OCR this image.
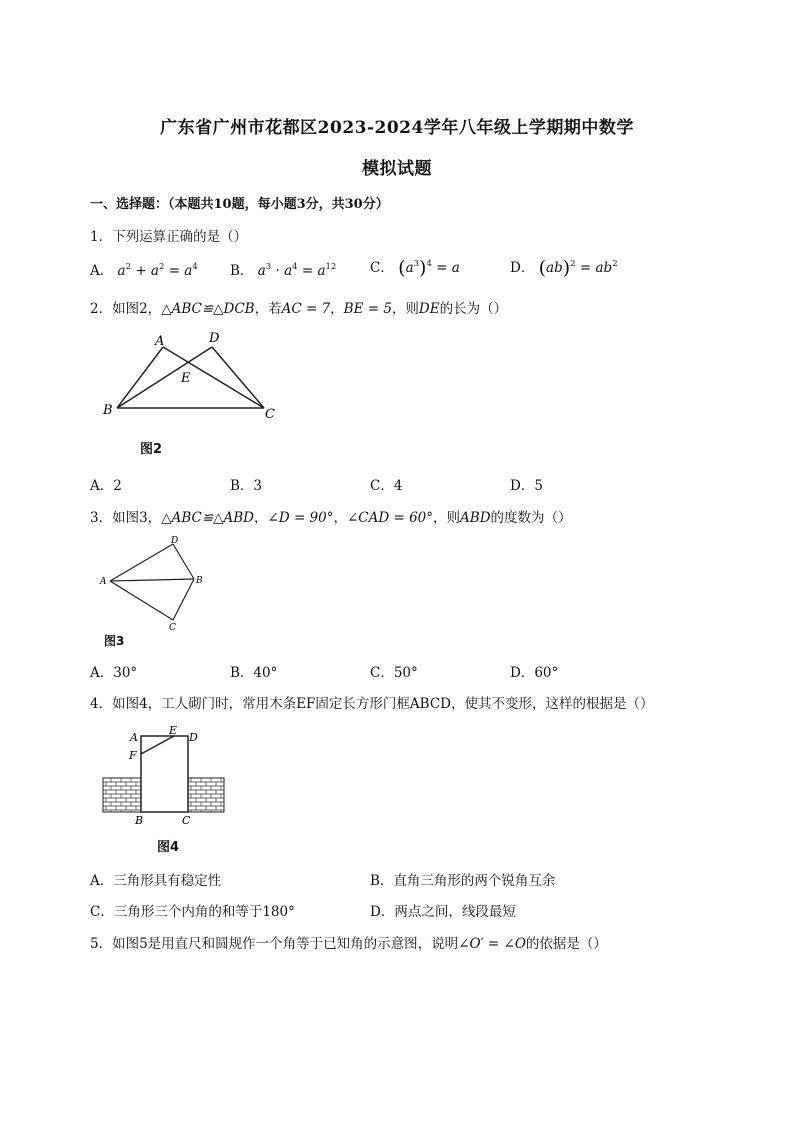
广东省广州市花都区2023-2024学年八年级上学期期中数学
模拟试题
一、选择题：（本题共10题，每小题3分，共30分）
1．下列运算正确的是（）
A． $a^2 + a^2 = a^4$ B． $a^3 \cdot a^4 = a^{12}$ C． $(a^3)^4 = a$	D． $(ab)^2 = ab^2$
2．如图2，△ABC≌△DCB，若AC = 7，BE = 5，则DE的长为（）
A	D
E
B	C
图2
A．2	B．3	C．4	D．5
3．如图3，△ABC≌△ABD，∠D = 90°，∠CAD = 60°，则ABD的度数为（）
A	B
D
C
图3
A．30°	B．40°	C．50°	D．60°
4．如图4，工人砌门时，常用木条EF固定长方形门框ABCD，使其不变形，这样的根据是（）
A
E
D
F
B	C
图4
A．三角形具有稳定性	B．直角三角形的两个锐角互余
C．三角形三个内角的和等于180°	D．两点之间，线段最短
5．如图5是用直尺和圆规作一个角等于已知角的示意图，说明∠O′ = ∠O的依据是（）
